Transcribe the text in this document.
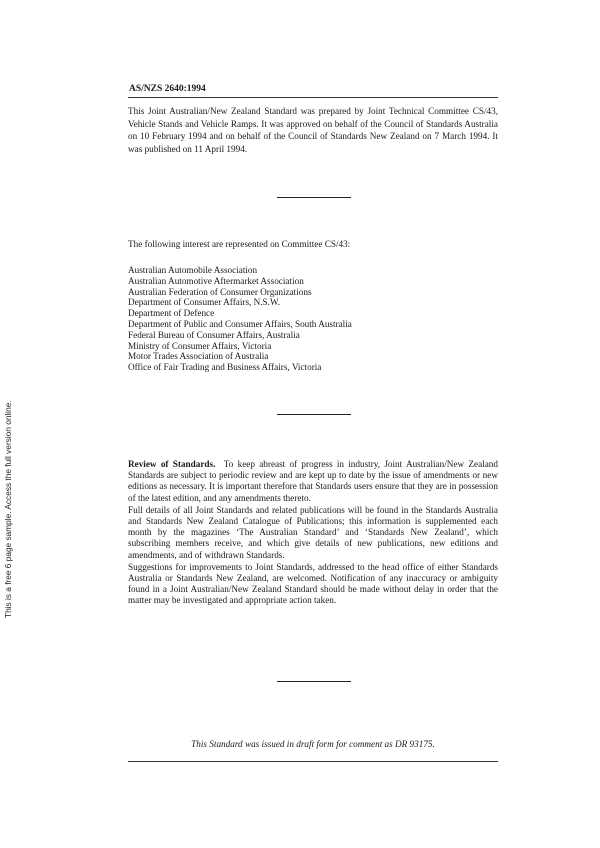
This is a free 6 page sample. Access the full version online.
AS/NZS 2640:1994

This Joint Australian/New Zealand Standard was prepared by Joint Technical Committee CS/43, Vehicle Stands and Vehicle Ramps. It was approved on behalf of the Council of Standards Australia on 10 February 1994 and on behalf of the Council of Standards New Zealand on 7 March 1994. It was published on 11 April 1994.

The following interest are represented on Committee CS/43:
Australian Automobile Association
Australian Automotive Aftermarket Association
Australian Federation of Consumer Organizations
Department of Consumer Affairs, N.S.W.
Department of Defence
Department of Public and Consumer Affairs, South Australia
Federal Bureau of Consumer Affairs, Australia
Ministry of Consumer Affairs, Victoria
Motor Trades Association of Australia
Office of Fair Trading and Business Affairs, Victoria

Review of Standards. To keep abreast of progress in industry, Joint Australian/New Zealand Standards are subject to periodic review and are kept up to date by the issue of amendments or new editions as necessary. It is important therefore that Standards users ensure that they are in possession of the latest edition, and any amendments thereto.

Full details of all Joint Standards and related publications will be found in the Standards Australia and Standards New Zealand Catalogue of Publications; this information is supplemented each month by the magazines ‘The Australian Standard’ and ‘Standards New Zealand’, which subscribing members receive, and which give details of new publications, new editions and amendments, and of withdrawn Standards.

Suggestions for improvements to Joint Standards, addressed to the head office of either Standards Australia or Standards New Zealand, are welcomed. Notification of any inaccuracy or ambiguity found in a Joint Australian/New Zealand Standard should be made without delay in order that the matter may be investigated and appropriate action taken.

This Standard was issued in draft form for comment as DR 93175.
